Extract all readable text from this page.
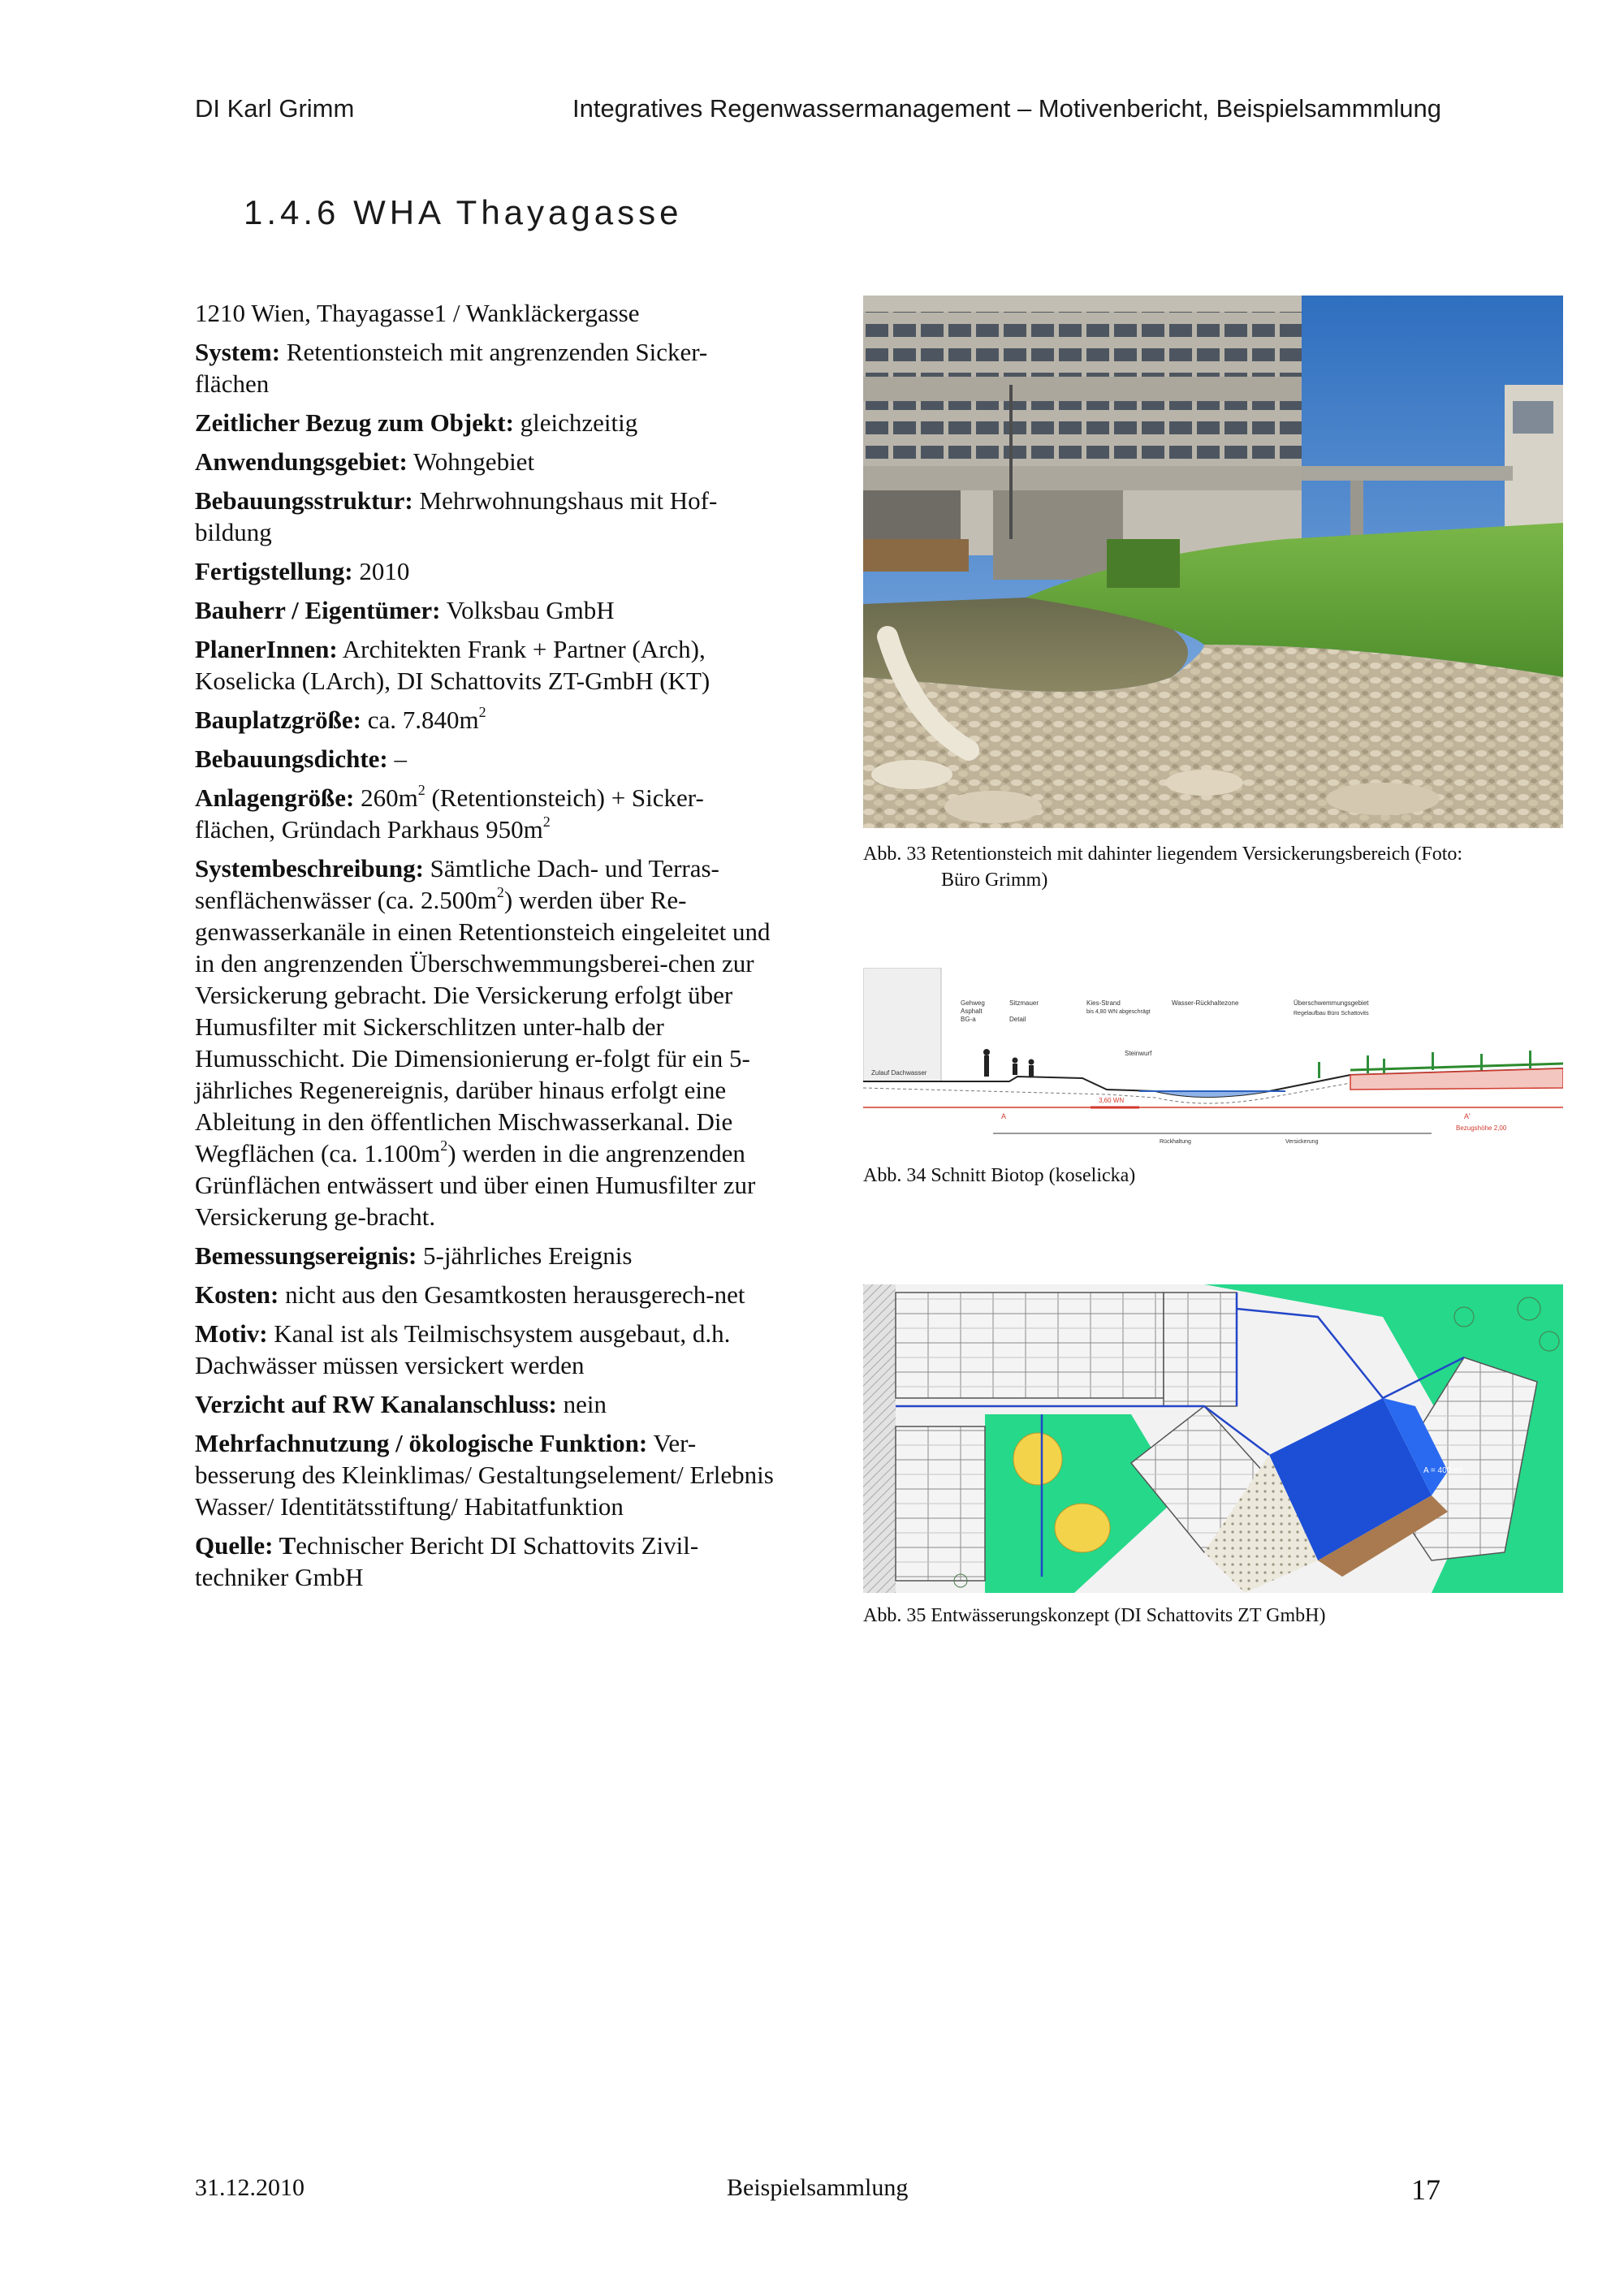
DI Karl Grimm	Integratives Regenwassermanagement – Motivenbericht, Beispielsammmlung
1.4.6 WHA Thayagasse

1210 Wien, Thayagasse1 / Wankläckergasse

System: Retentionsteich mit angrenzenden Sicker-flächen

Zeitlicher Bezug zum Objekt: gleichzeitig

Anwendungsgebiet: Wohngebiet

Bebauungsstruktur: Mehrwohnungshaus mit Hof-bildung

Fertigstellung: 2010

Bauherr / Eigentümer: Volksbau GmbH

PlanerInnen: Architekten Frank + Partner (Arch), Koselicka (LArch), DI Schattovits ZT-GmbH (KT)

Bauplatzgröße: ca. $7.840m^2$

Bebauungsdichte: –

Anlagengröße: $260m^2$ (Retentionsteich) + Sicker-flächen, Gründach Parkhaus $950m^2$

Systembeschreibung: Sämtliche Dach- und Terras-senflächenwässer (ca. $2.500m^2$) werden über Re-genwasserkanäle in einen Retentionsteich eingeleitet und in den angrenzenden Überschwemmungsberei-chen zur Versickerung gebracht. Die Versickerung erfolgt über Humusfilter mit Sickerschlitzen unter-halb der Humusschicht. Die Dimensionierung er-folgt für ein 5-jährliches Regenereignis, darüber hinaus erfolgt eine Ableitung in den öffentlichen Mischwasserkanal. Die Wegflächen (ca. $1.100m^2$) werden in die angrenzenden Grünflächen entwässert und über einen Humusfilter zur Versickerung ge-bracht.

Bemessungsereignis: 5-jährliches Ereignis

Kosten: nicht aus den Gesamtkosten herausgerech-net

Motiv: Kanal ist als Teilmischsystem ausgebaut, d.h. Dachwässer müssen versickert werden

Verzicht auf RW Kanalanschluss: nein

Mehrfachnutzung / ökologische Funktion: Ver-besserung des Kleinklimas/ Gestaltungselement/ Erlebnis Wasser/ Identitätsstiftung/ Habitatfunktion

Quelle: Technischer Bericht DI Schattovits Zivil-techniker GmbH

Abb. 33 Retentionsteich mit dahinter liegendem Versickerungsbereich (Foto:
Büro Grimm)
Gehweg
Asphalt
BG-a
Sitzmauer
Detail
Kies-Strand
bis 4,80 WN abgeschrägt
Wasser-Rückhaltezone	Überschwemmungsgebiet
Regelaufbau Büro Schattovits
Steinwurf
Zulauf Dachwasser
3,60 WN
A	A'
Bezugshöhe 2,00
Rückhaltung	Versickerung
Abb. 34 Schnitt Biotop (koselicka)
A = 400 m²
Abb. 35 Entwässerungskonzept (DI Schattovits ZT GmbH)
31.12.2010	Beispielsammlung	17
